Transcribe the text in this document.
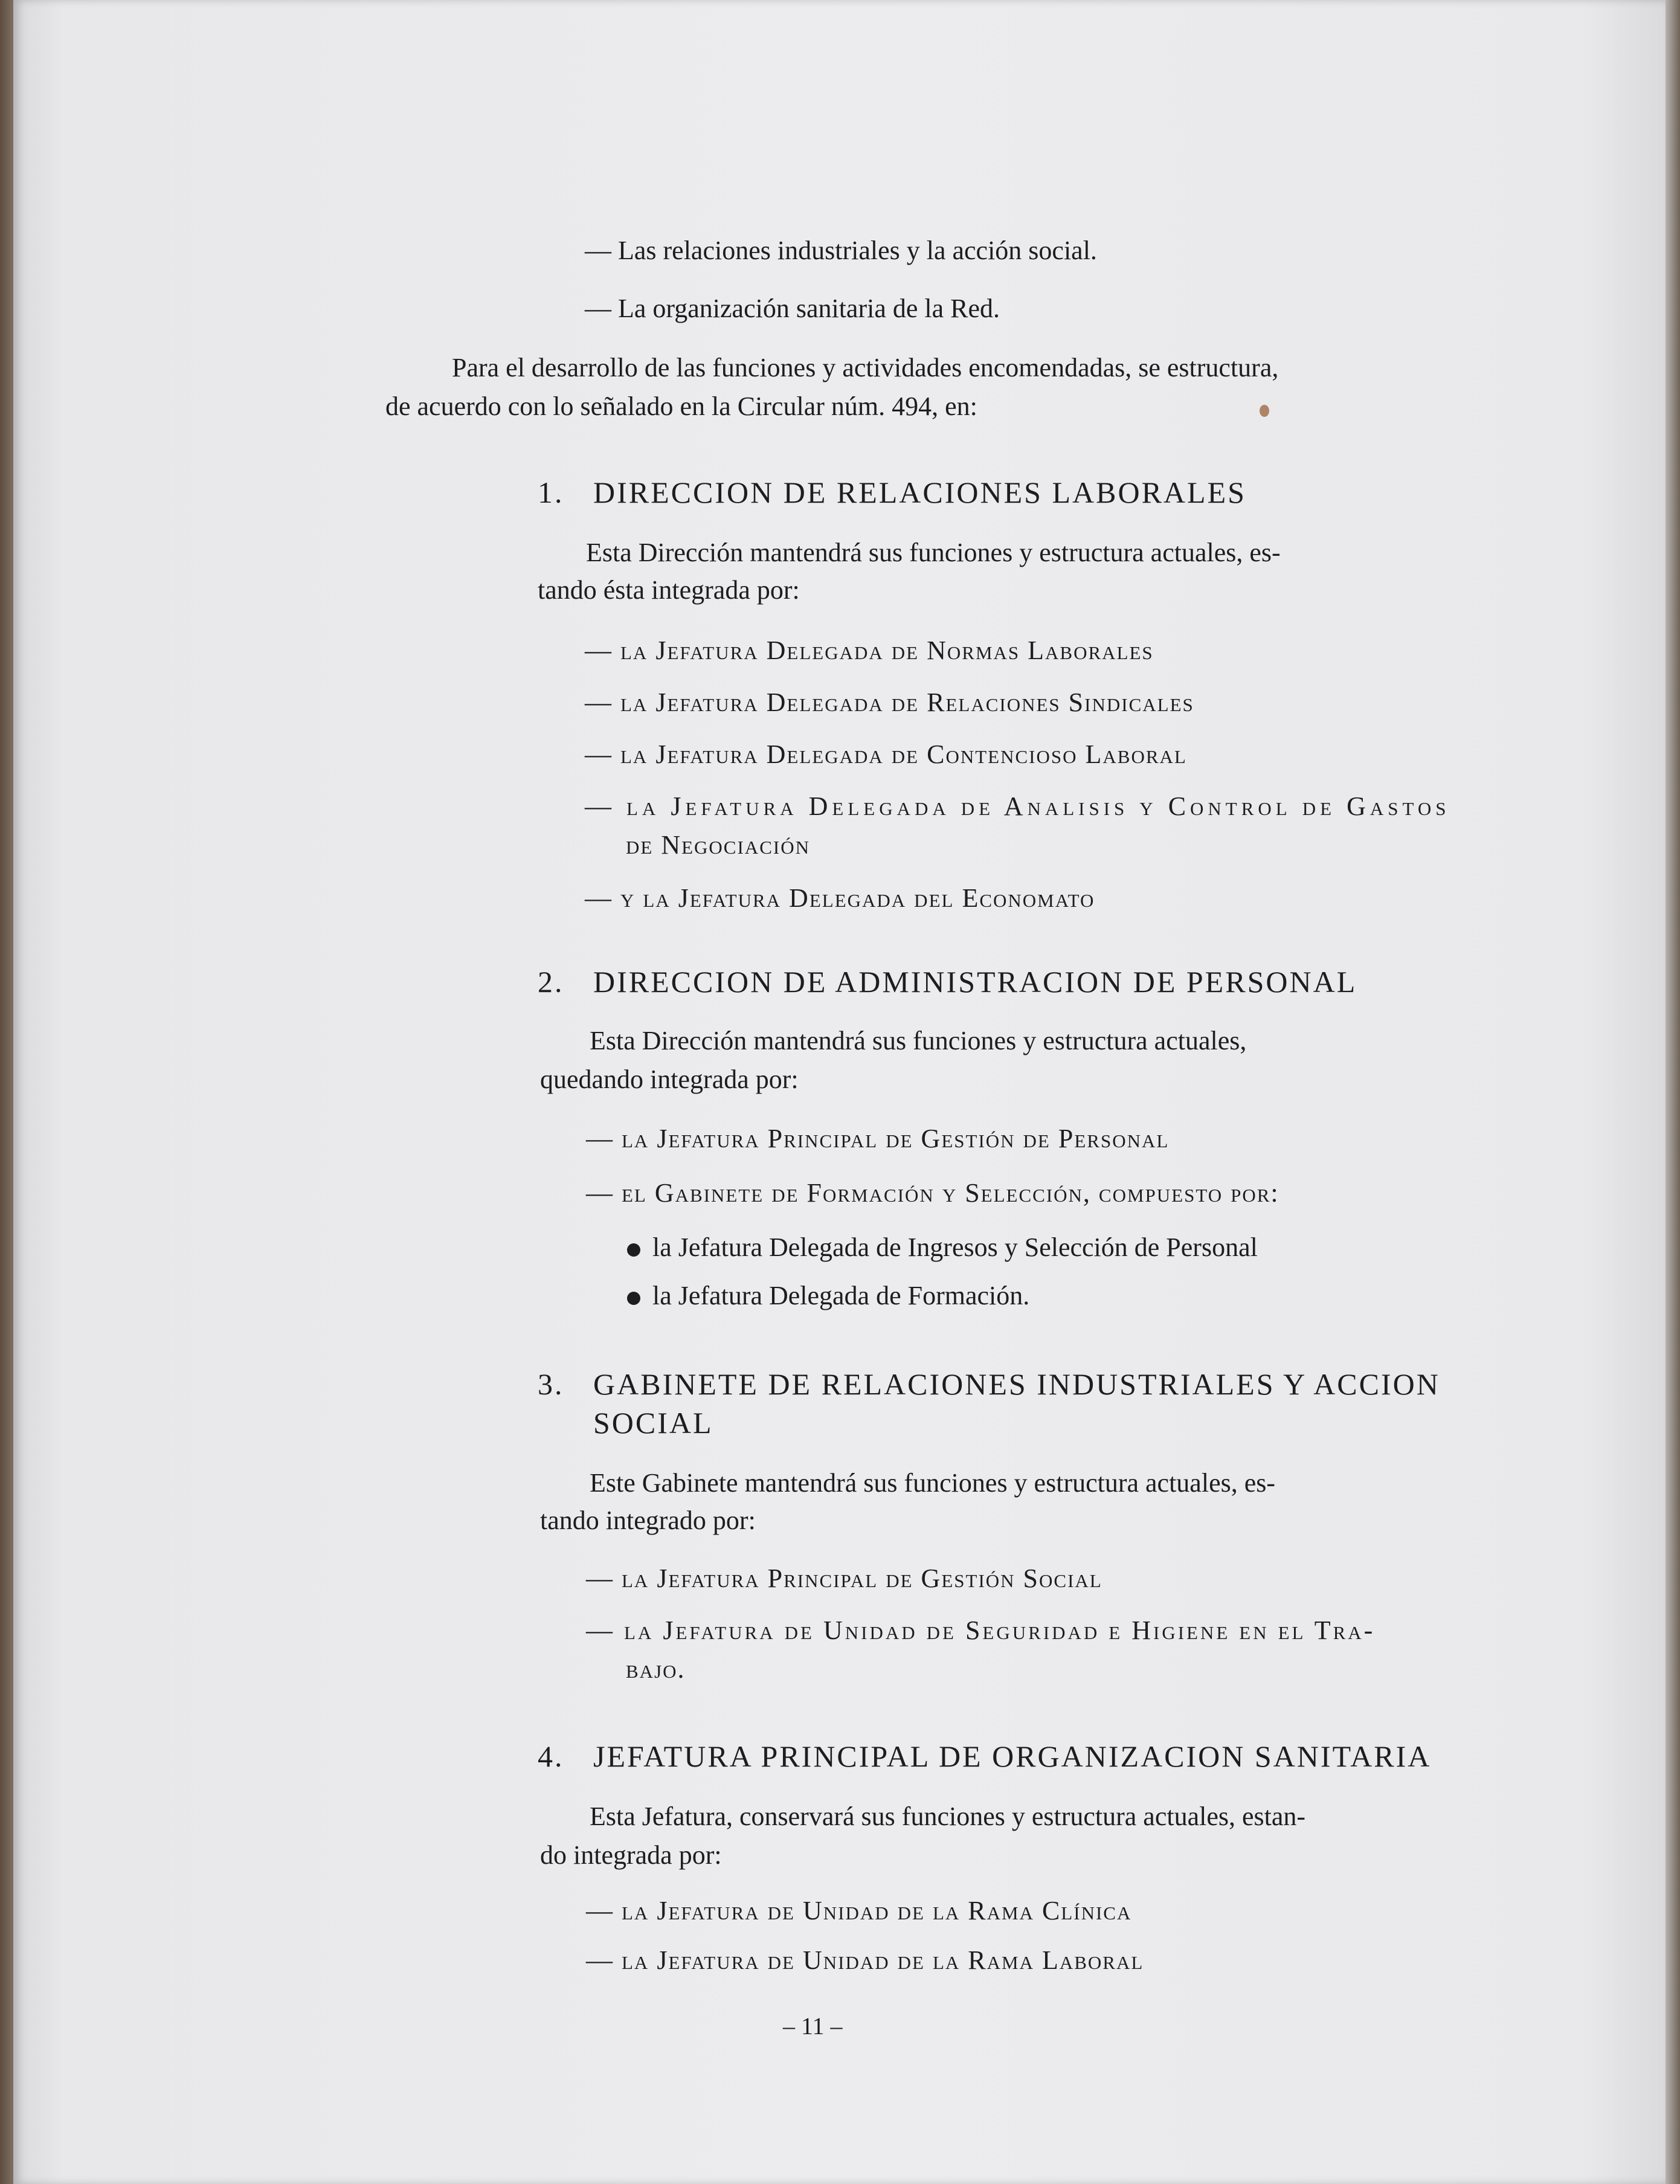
— Las relaciones industriales y la acción social.
— La organización sanitaria de la Red.
Para el desarrollo de las funciones y actividades encomendadas, se estructura,
de acuerdo con lo señalado en la Circular núm. 494, en:
1. DIRECCION DE RELACIONES LABORALES
Esta Dirección mantendrá sus funciones y estructura actuales, es-
tando ésta integrada por:
— la Jefatura Delegada de Normas Laborales
— la Jefatura Delegada de Relaciones Sindicales
— la Jefatura Delegada de Contencioso Laboral
— la Jefatura Delegada de Analisis y Control de Gastos
de Negociación
— y la Jefatura Delegada del Economato
2. DIRECCION DE ADMINISTRACION DE PERSONAL
Esta Dirección mantendrá sus funciones y estructura actuales,
quedando integrada por:
— la Jefatura Principal de Gestión de Personal
— el Gabinete de Formación y Selección, compuesto por:
la Jefatura Delegada de Ingresos y Selección de Personal
la Jefatura Delegada de Formación.
3. GABINETE DE RELACIONES INDUSTRIALES Y ACCION
SOCIAL
Este Gabinete mantendrá sus funciones y estructura actuales, es-
tando integrado por:
— la Jefatura Principal de Gestión Social
— la Jefatura de Unidad de Seguridad e Higiene en el Tra-
bajo.
4. JEFATURA PRINCIPAL DE ORGANIZACION SANITARIA
Esta Jefatura, conservará sus funciones y estructura actuales, estan-
do integrada por:
— la Jefatura de Unidad de la Rama Clínica
— la Jefatura de Unidad de la Rama Laboral
– 11 –
